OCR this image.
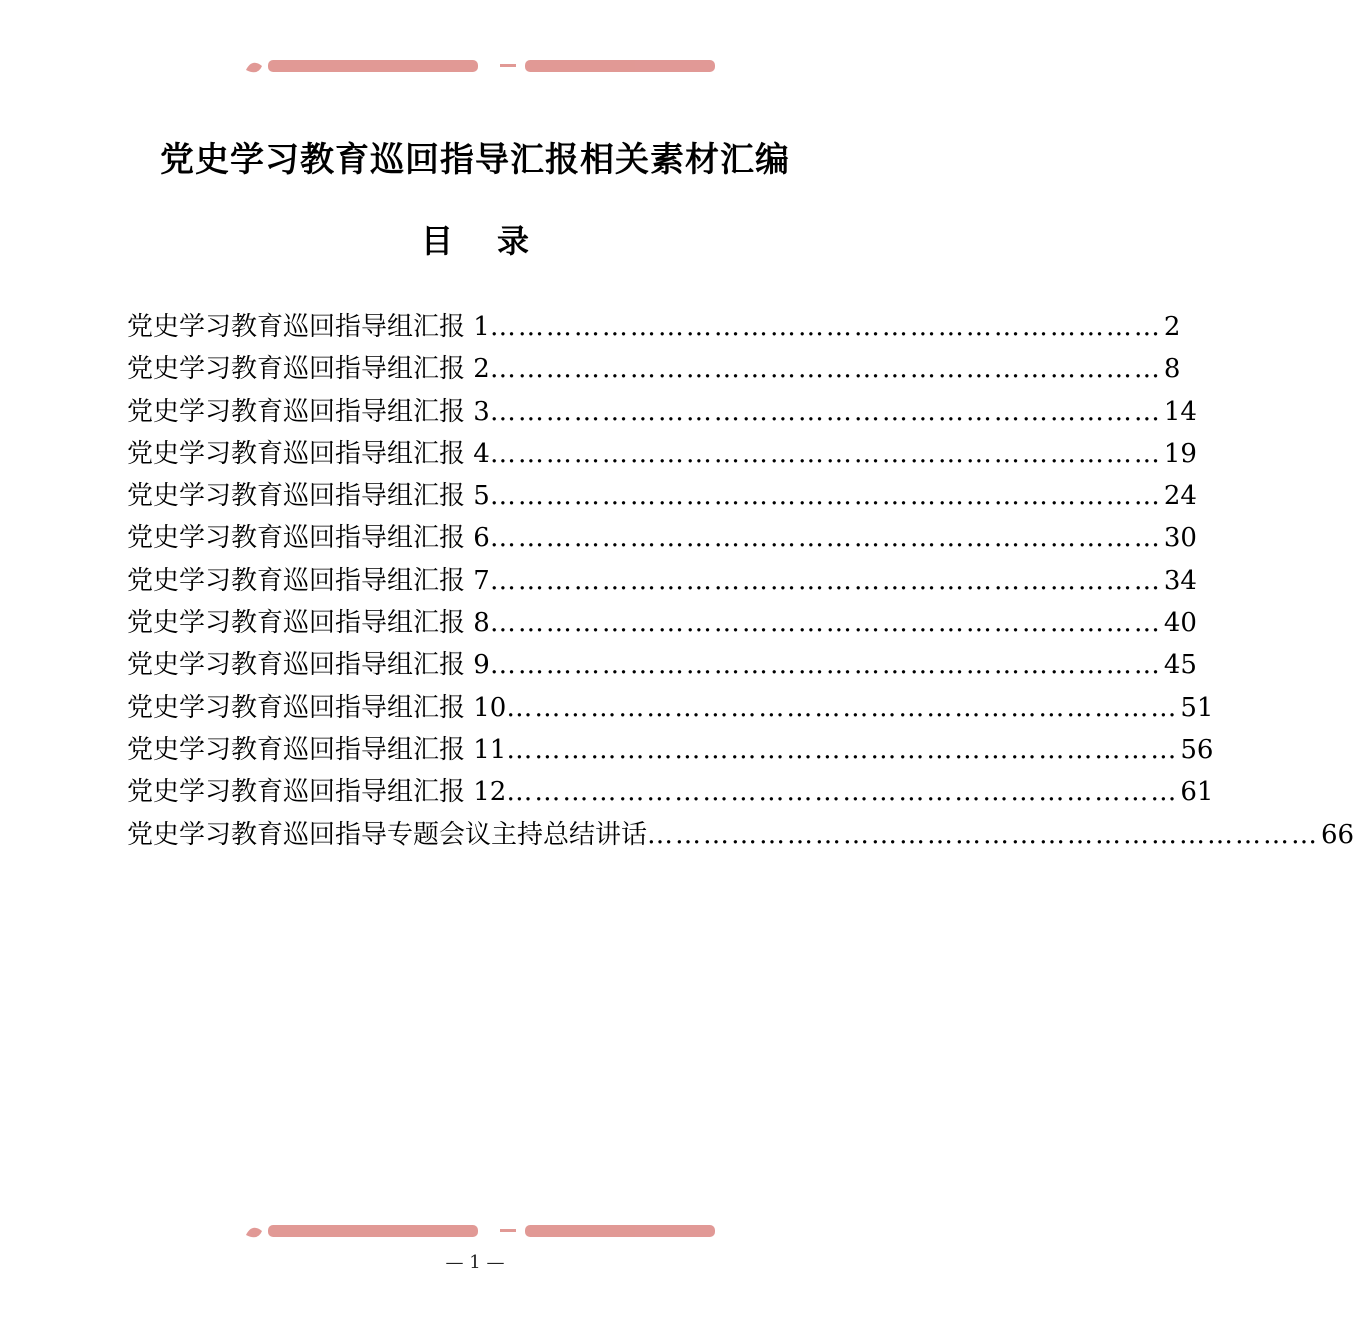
党史学习教育巡回指导汇报相关素材汇编
目 录
党史学习教育巡回指导组汇报 1 ……………………………………………………………… 2
党史学习教育巡回指导组汇报 2 ……………………………………………………………… 8
党史学习教育巡回指导组汇报 3 ……………………………………………………………… 14
党史学习教育巡回指导组汇报 4 ……………………………………………………………… 19
党史学习教育巡回指导组汇报 5 ……………………………………………………………… 24
党史学习教育巡回指导组汇报 6 ……………………………………………………………… 30
党史学习教育巡回指导组汇报 7 ……………………………………………………………… 34
党史学习教育巡回指导组汇报 8 ……………………………………………………………… 40
党史学习教育巡回指导组汇报 9 ……………………………………………………………… 45
党史学习教育巡回指导组汇报 10 ……………………………………………………………… 51
党史学习教育巡回指导组汇报 11 ……………………………………………………………… 56
党史学习教育巡回指导组汇报 12 ……………………………………………………………… 61
党史学习教育巡回指导专题会议主持总结讲话 ……………………………………………………………… 66
— 1 —
